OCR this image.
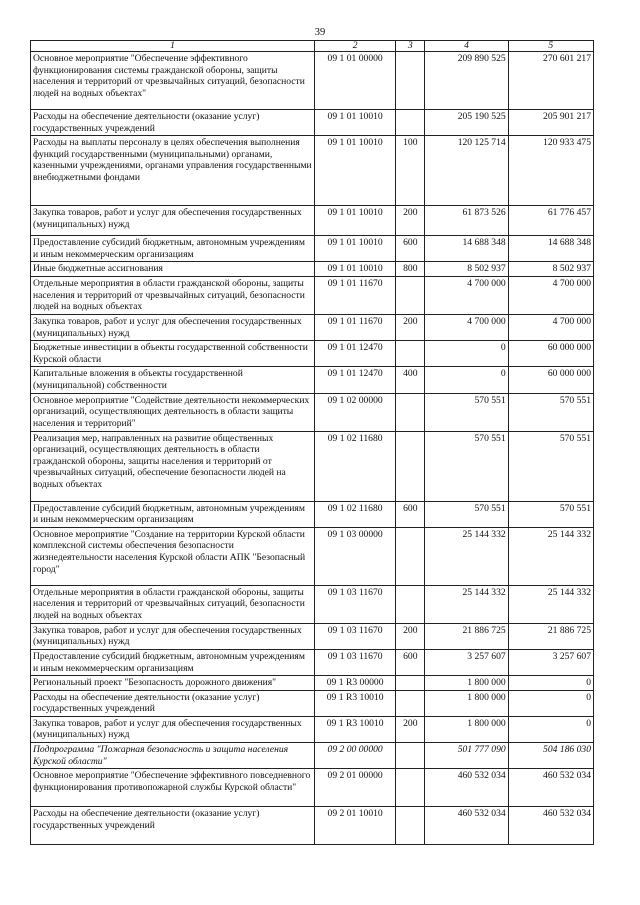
39
1	2	3	4	5
Основное мероприятие "Обеспечение эффективного функционирования системы гражданской обороны, защиты населения и территорий от чрезвычайных ситуаций, безопасности людей на водных объектах"	09 1 01 00000		209 890 525	270 601 217
Расходы на обеспечение деятельности (оказание услуг) государственных учреждений	09 1 01 10010		205 190 525	205 901 217
Расходы на выплаты персоналу в целях обеспечения выполнения функций государственными (муниципальными) органами, казенными учреждениями, органами управления государственными внебюджетными фондами	09 1 01 10010	100	120 125 714	120 933 475
Закупка товаров, работ и услуг для обеспечения государственных (муниципальных) нужд	09 1 01 10010	200	61 873 526	61 776 457
Предоставление субсидий бюджетным, автономным учреждениям и иным некоммерческим организациям	09 1 01 10010	600	14 688 348	14 688 348
Иные бюджетные ассигнования	09 1 01 10010	800	8 502 937	8 502 937
Отдельные мероприятия в области гражданской обороны, защиты населения и территорий от чрезвычайных ситуаций, безопасности людей на водных объектах	09 1 01 11670		4 700 000	4 700 000
Закупка товаров, работ и услуг для обеспечения государственных (муниципальных) нужд	09 1 01 11670	200	4 700 000	4 700 000
Бюджетные инвестиции в объекты государственной собственности Курской области	09 1 01 12470		0	60 000 000
Капитальные вложения в объекты государственной (муниципальной) собственности	09 1 01 12470	400	0	60 000 000
Основное мероприятие "Содействие деятельности некоммерческих организаций, осуществляющих деятельность в области защиты населения и территорий"	09 1 02 00000		570 551	570 551
Реализация мер, направленных на развитие общественных организаций, осуществляющих деятельность в области гражданской обороны, защиты населения и территорий от чрезвычайных ситуаций, обеспечение безопасности людей на водных объектах	09 1 02 11680		570 551	570 551
Предоставление субсидий бюджетным, автономным учреждениям и иным некоммерческим организациям	09 1 02 11680	600	570 551	570 551
Основное мероприятие "Создание на территории Курской области комплексной системы обеспечения безопасности жизнедеятельности населения Курской области АПК "Безопасный город"	09 1 03 00000		25 144 332	25 144 332
Отдельные мероприятия в области гражданской обороны, защиты населения и территорий от чрезвычайных ситуаций, безопасности людей на водных объектах	09 1 03 11670		25 144 332	25 144 332
Закупка товаров, работ и услуг для обеспечения государственных (муниципальных) нужд	09 1 03 11670	200	21 886 725	21 886 725
Предоставление субсидий бюджетным, автономным учреждениям и иным некоммерческим организациям	09 1 03 11670	600	3 257 607	3 257 607
Региональный проект "Безопасность дорожного движения"	09 1 R3 00000		1 800 000	0
Расходы на обеспечение деятельности (оказание услуг) государственных учреждений	09 1 R3 10010		1 800 000	0
Закупка товаров, работ и услуг для обеспечения государственных (муниципальных) нужд	09 1 R3 10010	200	1 800 000	0
Подпрограмма "Пожарная безопасность и защита населения Курской области"	09 2 00 00000		501 777 090	504 186 030
Основное мероприятие "Обеспечение эффективного повседневного функционирования противопожарной службы Курской области"	09 2 01 00000		460 532 034	460 532 034
Расходы на обеспечение деятельности (оказание услуг) государственных учреждений	09 2 01 10010		460 532 034	460 532 034
